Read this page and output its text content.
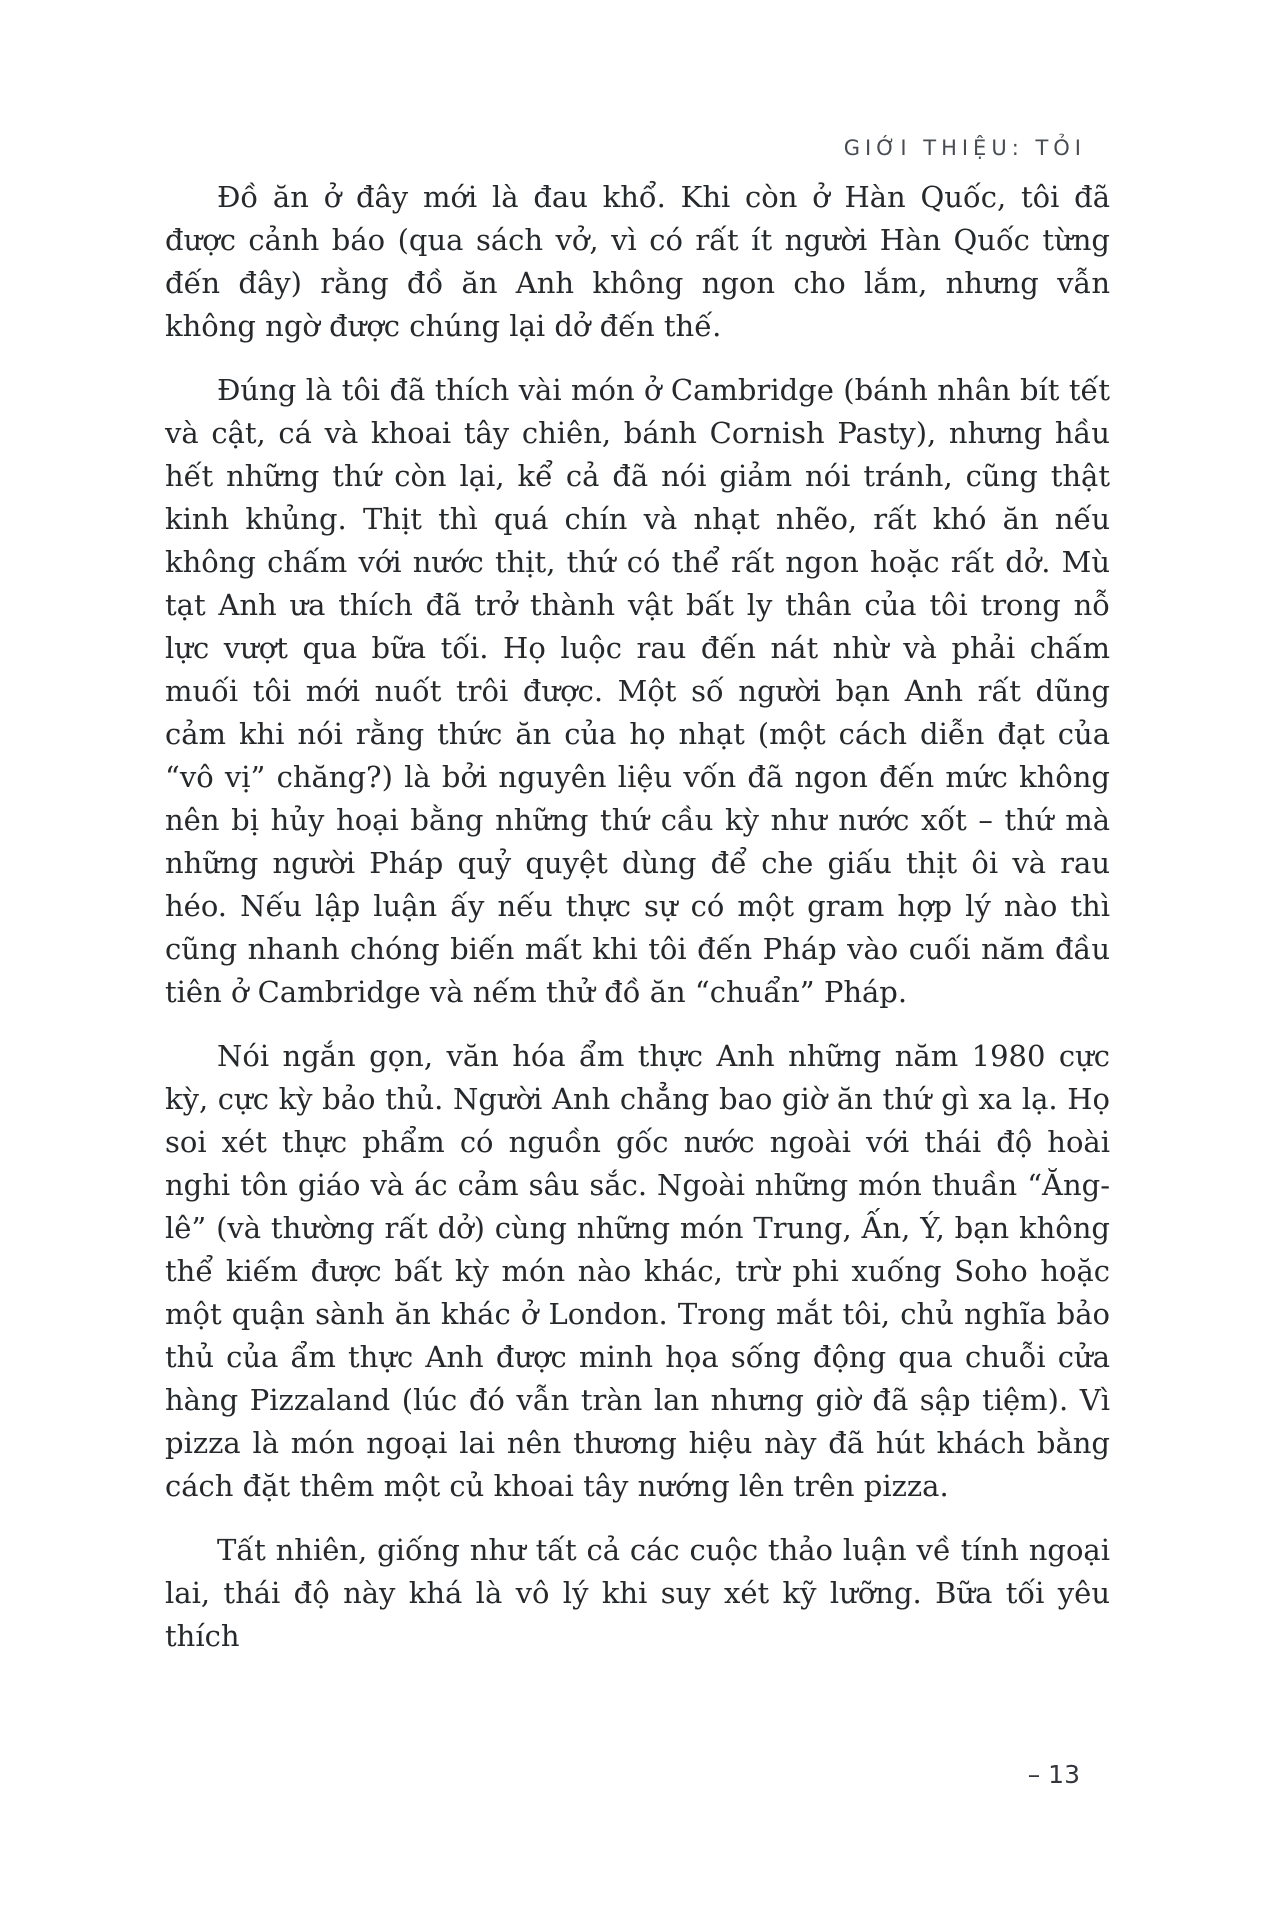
GIỚI THIỆU: TỎI

Đồ ăn ở đây mới là đau khổ. Khi còn ở Hàn Quốc, tôi đã được cảnh báo (qua sách vở, vì có rất ít người Hàn Quốc từng đến đây) rằng đồ ăn Anh không ngon cho lắm, nhưng vẫn không ngờ được chúng lại dở đến thế.

Đúng là tôi đã thích vài món ở Cambridge (bánh nhân bít tết và cật, cá và khoai tây chiên, bánh Cornish Pasty), nhưng hầu hết những thứ còn lại, kể cả đã nói giảm nói tránh, cũng thật kinh khủng. Thịt thì quá chín và nhạt nhẽo, rất khó ăn nếu không chấm với nước thịt, thứ có thể rất ngon hoặc rất dở. Mù tạt Anh ưa thích đã trở thành vật bất ly thân của tôi trong nỗ lực vượt qua bữa tối. Họ luộc rau đến nát nhừ và phải chấm muối tôi mới nuốt trôi được. Một số người bạn Anh rất dũng cảm khi nói rằng thức ăn của họ nhạt (một cách diễn đạt của “vô vị” chăng?) là bởi nguyên liệu vốn đã ngon đến mức không nên bị hủy hoại bằng những thứ cầu kỳ như nước xốt – thứ mà những người Pháp quỷ quyệt dùng để che giấu thịt ôi và rau héo. Nếu lập luận ấy nếu thực sự có một gram hợp lý nào thì cũng nhanh chóng biến mất khi tôi đến Pháp vào cuối năm đầu tiên ở Cambridge và nếm thử đồ ăn “chuẩn” Pháp.

Nói ngắn gọn, văn hóa ẩm thực Anh những năm 1980 cực kỳ, cực kỳ bảo thủ. Người Anh chẳng bao giờ ăn thứ gì xa lạ. Họ soi xét thực phẩm có nguồn gốc nước ngoài với thái độ hoài nghi tôn giáo và ác cảm sâu sắc. Ngoài những món thuần “Ăng-lê” (và thường rất dở) cùng những món Trung, Ấn, Ý, bạn không thể kiếm được bất kỳ món nào khác, trừ phi xuống Soho hoặc một quận sành ăn khác ở London. Trong mắt tôi, chủ nghĩa bảo thủ của ẩm thực Anh được minh họa sống động qua chuỗi cửa hàng Pizzaland (lúc đó vẫn tràn lan nhưng giờ đã sập tiệm). Vì pizza là món ngoại lai nên thương hiệu này đã hút khách bằng cách đặt thêm một củ khoai tây nướng lên trên pizza.

Tất nhiên, giống như tất cả các cuộc thảo luận về tính ngoại lai, thái độ này khá là vô lý khi suy xét kỹ lưỡng. Bữa tối yêu thích

– 13
